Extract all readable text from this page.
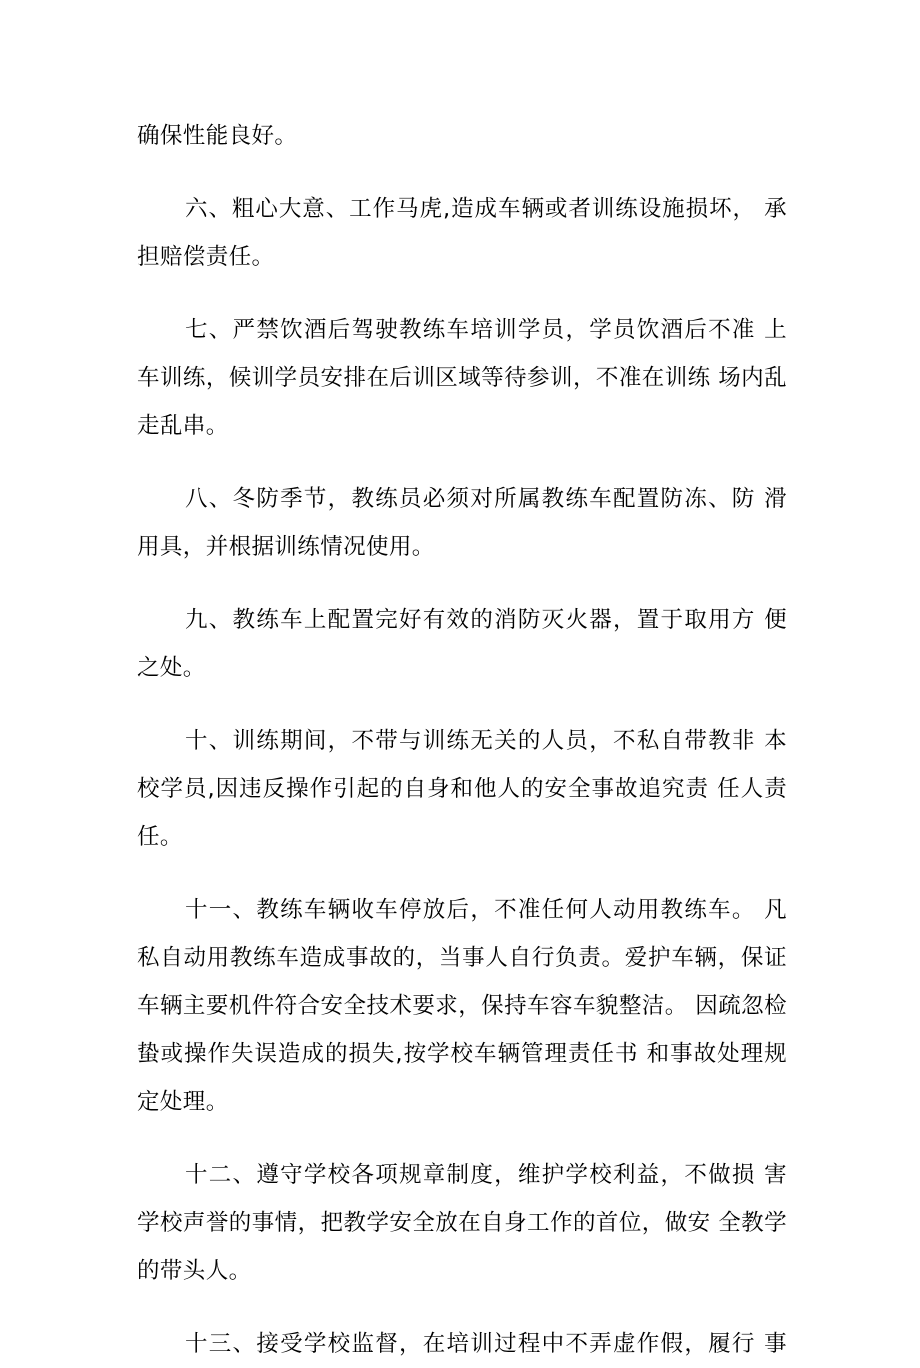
确保性能良好。
六、粗心大意、工作马虎,造成车辆或者训练设施损坏， 承
担赔偿责任。
七、严禁饮酒后驾驶教练车培训学员，学员饮酒后不准 上
车训练，候训学员安排在后训区域等待参训，不准在训练 场内乱
走乱串。
八、冬防季节，教练员必须对所属教练车配置防冻、防 滑
用具，并根据训练情况使用。
九、教练车上配置完好有效的消防灭火器，置于取用方 便
之处。
十、训练期间，不带与训练无关的人员，不私自带教非 本
校学员,因违反操作引起的自身和他人的安全事故追究责 任人责
任。
十一、教练车辆收车停放后，不准任何人动用教练车。 凡
私自动用教练车造成事故的，当事人自行负责。爱护车辆，保证
车辆主要机件符合安全技术要求，保持车容车貌整洁。 因疏忽检
蛰或操作失误造成的损失,按学校车辆管理责任书 和事故处理规
定处理。
十二、遵守学校各项规章制度，维护学校利益，不做损 害
学校声誉的事情，把教学安全放在自身工作的首位，做安 全教学
的带头人。
十三、接受学校监督，在培训过程中不弄虚作假，履行 事
